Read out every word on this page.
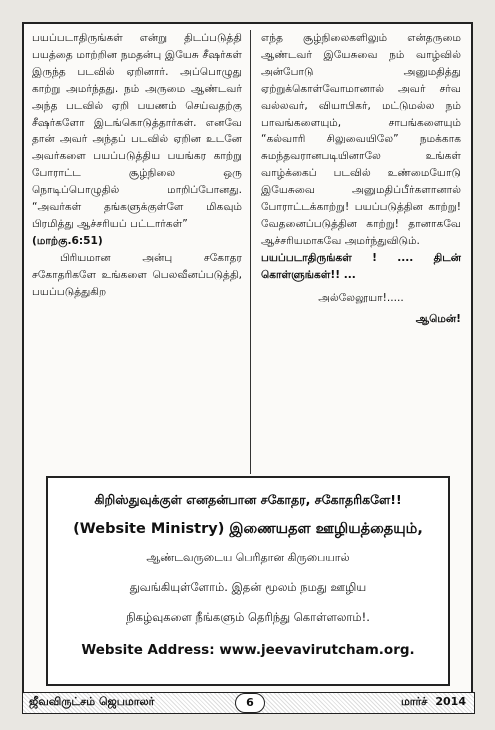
பயப்படாதிருங்கள் என்று திடப்படுத்தி பயத்தை மாற்றின நமதன்பு இயேசு சீஷர்கள் இருந்த படவில் ஏறினார். அப்பொழுது காற்று அமர்ந்தது. நம் அருமை ஆண்டவர் அந்த படவில் ஏறி பயணம் செய்வதற்கு சீஷர்களோ இடங்கொடுத்தார்கள். எனவே தான் அவர் அந்தப் படவில் ஏறின உடனே அவர்களை பயப்படுத்திய பயங்கர காற்று போராட்ட சூழ்நிலை ஒரு நொடிப்பொழுதில் மாறிப்போனது. “அவர்கள் தங்களுக்குள்ளே மிகவும் பிரமித்து ஆச்சரியப் பட்டார்கள்”

(மாற்கு.6:51)

பிரியமான அன்பு சகோதர சகோதரிகளே உங்களை பெலவீனப்படுத்தி, பயப்படுத்துகிற

எந்த சூழ்நிலைகளிலும் என்தருமை ஆண்டவர் இயேசுவை நம் வாழ்வில் அன்போடு அனுமதித்து ஏற்றுக்கொள்வோமானால் அவர் சர்வ வல்லவர், வியாபிகர், மட்டுமல்ல நம் பாவங்களையும், சாபங்களையும் “கல்வாரி சிலுவையிலே” நமக்காக சுமந்தவரானபடியினாலே உங்கள் வாழ்க்கைப் படவில் உண்மையோடு இயேசுவை அனுமதிப்பீர்களானால் போராட்டக்காற்று! பயப்படுத்தின காற்று! வேதனைப்படுத்தின காற்று! தானாகவே ஆச்சரியமாகவே அமர்ந்துவிடும்.

பயப்படாதிருங்கள் ! .... திடன் கொள்ளுங்கள்!! ...

அல்லேலூயா!.....

ஆமென்!

கிறிஸ்துவுக்குள் எனதன்பான சகோதர, சகோதரிகளே!!

(Website Ministry) இணையதள ஊழியத்தையும்,

ஆண்டவருடைய பெரிதான கிருபையால்

துவங்கியுள்ளோம். இதன் மூலம் நமது ஊழிய

நிகழ்வுகளை நீங்களும் தெரிந்து கொள்ளலாம்!.

Website Address: www.jeevavirutcham.org.

ஜீவவிருட்சம் ஜெபமாலர்	6	மார்ச் 2014
